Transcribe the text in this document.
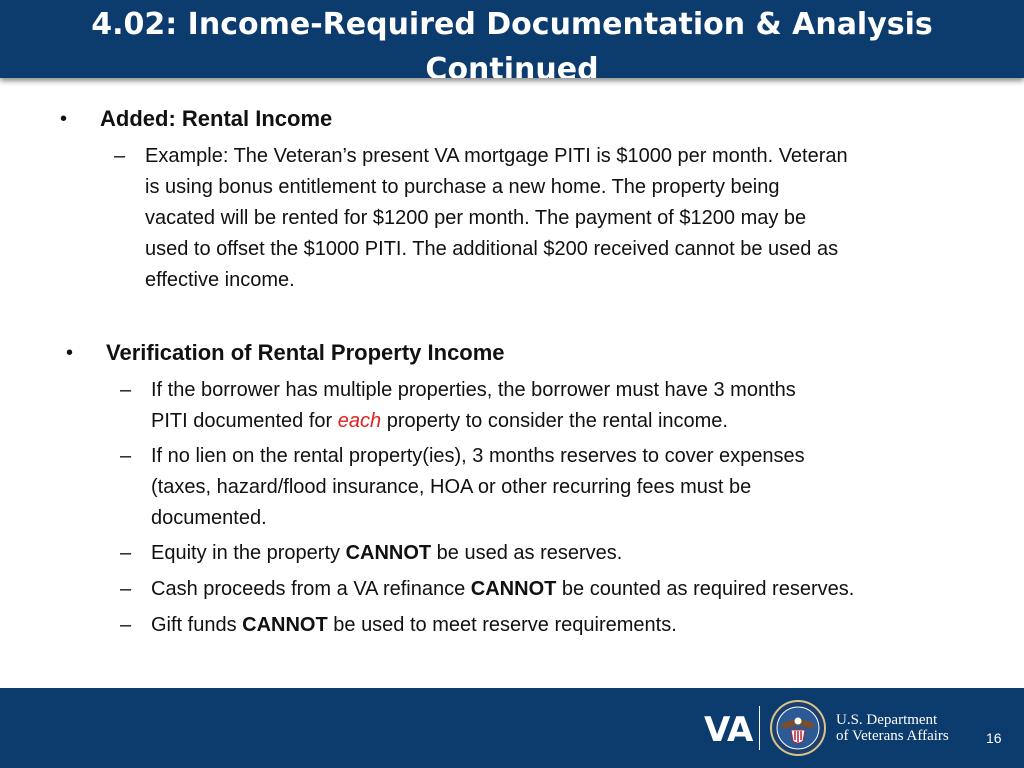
4.02: Income-Required Documentation & Analysis
Continued
• Added: Rental Income
– Example: The Veteran’s present VA mortgage PITI is $1000 per month. Veteran
is using bonus entitlement to purchase a new home. The property being
vacated will be rented for $1200 per month. The payment of $1200 may be
used to offset the $1000 PITI. The additional $200 received cannot be used as
effective income.
• Verification of Rental Property Income
– If the borrower has multiple properties, the borrower must have 3 months
PITI documented for each property to consider the rental income.
– If no lien on the rental property(ies), 3 months reserves to cover expenses
(taxes, hazard/flood insurance, HOA or other recurring fees must be
documented.
– Equity in the property CANNOT be used as reserves.
– Cash proceeds from a VA refinance CANNOT be counted as required reserves.
– Gift funds CANNOT be used to meet reserve requirements.
VA	U.S. Department
of Veterans Affairs	16
